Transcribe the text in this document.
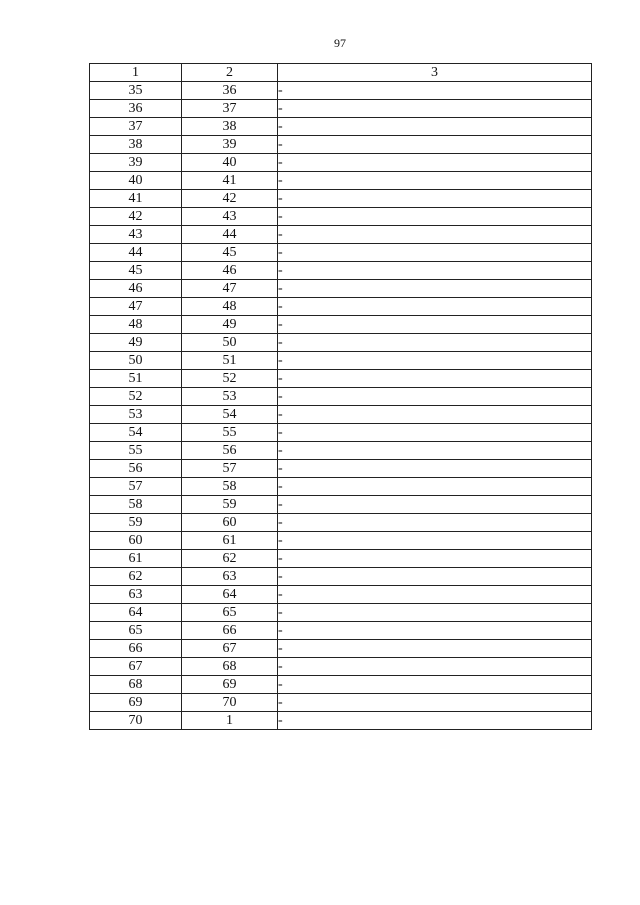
97
1	2	3
35	36	-
36	37	-
37	38	-
38	39	-
39	40	-
40	41	-
41	42	-
42	43	-
43	44	-
44	45	-
45	46	-
46	47	-
47	48	-
48	49	-
49	50	-
50	51	-
51	52	-
52	53	-
53	54	-
54	55	-
55	56	-
56	57	-
57	58	-
58	59	-
59	60	-
60	61	-
61	62	-
62	63	-
63	64	-
64	65	-
65	66	-
66	67	-
67	68	-
68	69	-
69	70	-
70	1	-
